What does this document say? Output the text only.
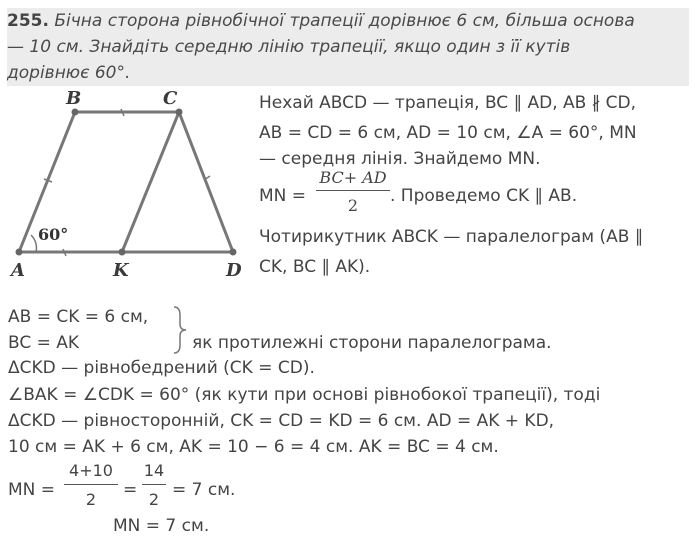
255. Бічна сторона рівнобічної трапеції дорівнює 6 см, більша основа
— 10 см. Знайдіть середню лінію трапеції, якщо один з її кутів
дорівнює 60°.
B	C
A	K	D
60°
Нехай ABCD — трапеція, BC ∥ AD, AB ∦ CD,
AB = CD = 6 см, AD = 10 см, ∠A = 60°, MN
— середня лінія. Знайдемо MN.
MN =
BC+ AD
2	. Проведемо CK ∥ AB.
Чотирикутник ABCK — паралелограм (AB ∥
CK, BC ∥ AK).
AB = CK = 6 см,
BC = AK	як протилежні сторони паралелограма.
ΔCKD — рівнобедрений (CK = CD).
∠BAK = ∠CDK = 60° (як кути при основі рівнобокої трапеції), тоді
ΔCKD — рівносторонній, CK = CD = KD = 6 см. AD = AK + KD,
10 см = AK + 6 см, AK = 10 − 6 = 4 см. AK = BC = 4 см.
MN =
4+10
2	=
14
2 = 7 см.
MN = 7 см.
